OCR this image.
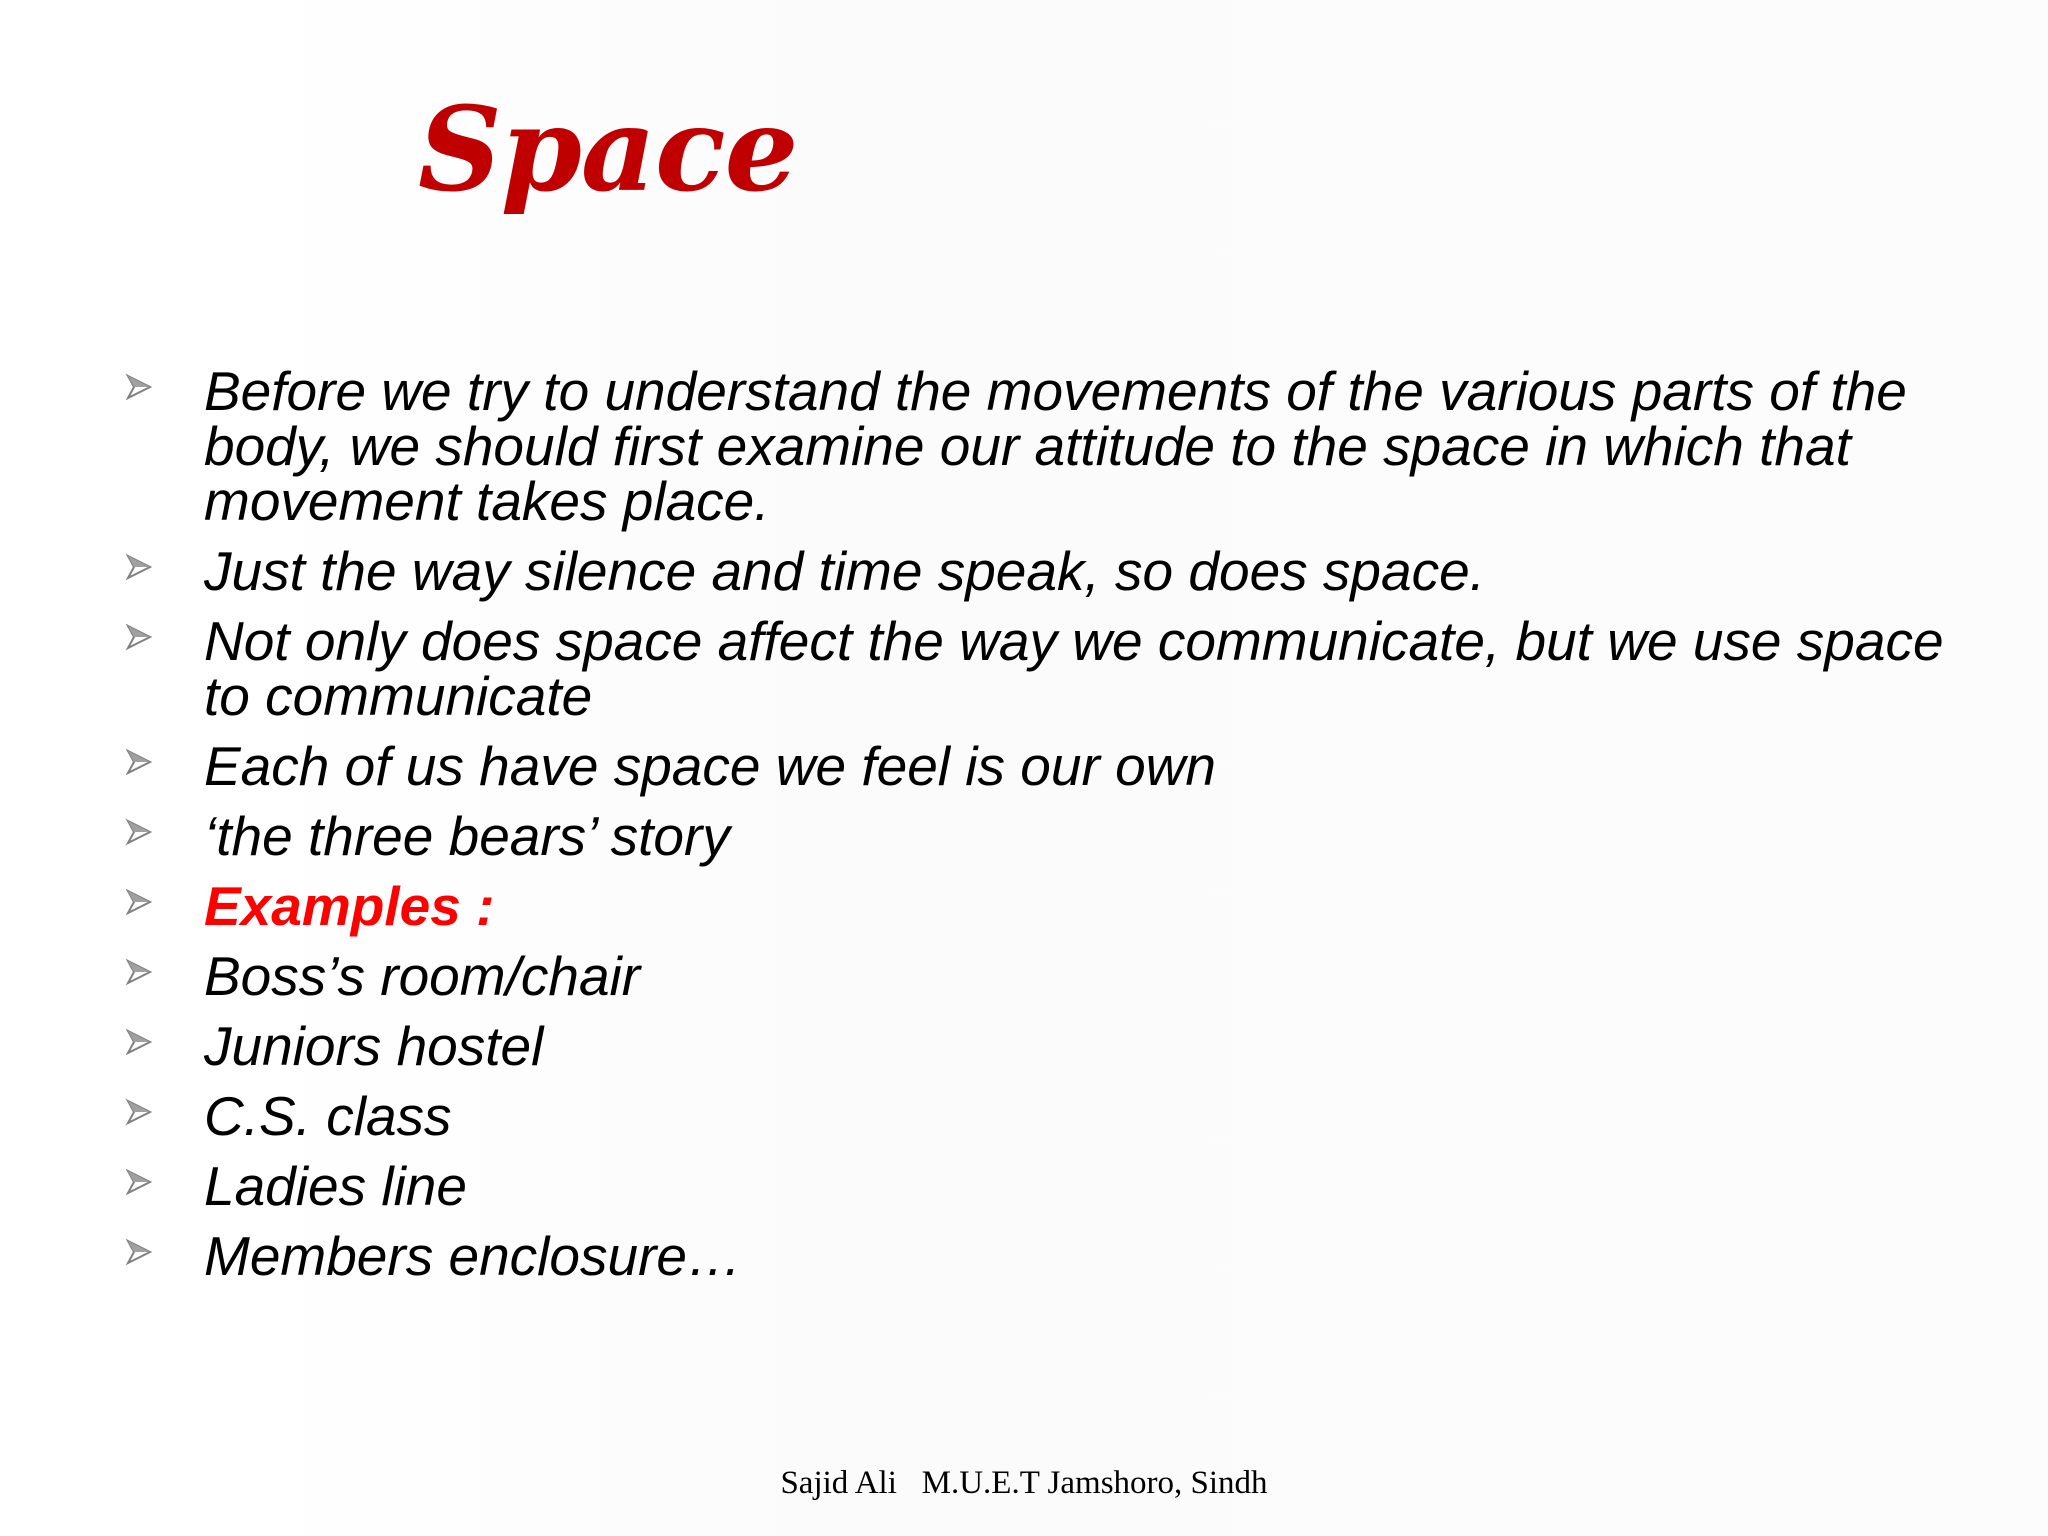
Space
Before we try to understand the movements of the various parts of the body, we should first examine our attitude to the space in which that movement takes place.
Just the way silence and time speak, so does space.
Not only does space affect the way we communicate, but we use space to communicate
Each of us have space we feel is our own
‘the three bears’ story
Examples :
Boss’s room/chair
Juniors hostel
C.S. class
Ladies line
Members enclosure…
Sajid Ali   M.U.E.T Jamshoro, Sindh
